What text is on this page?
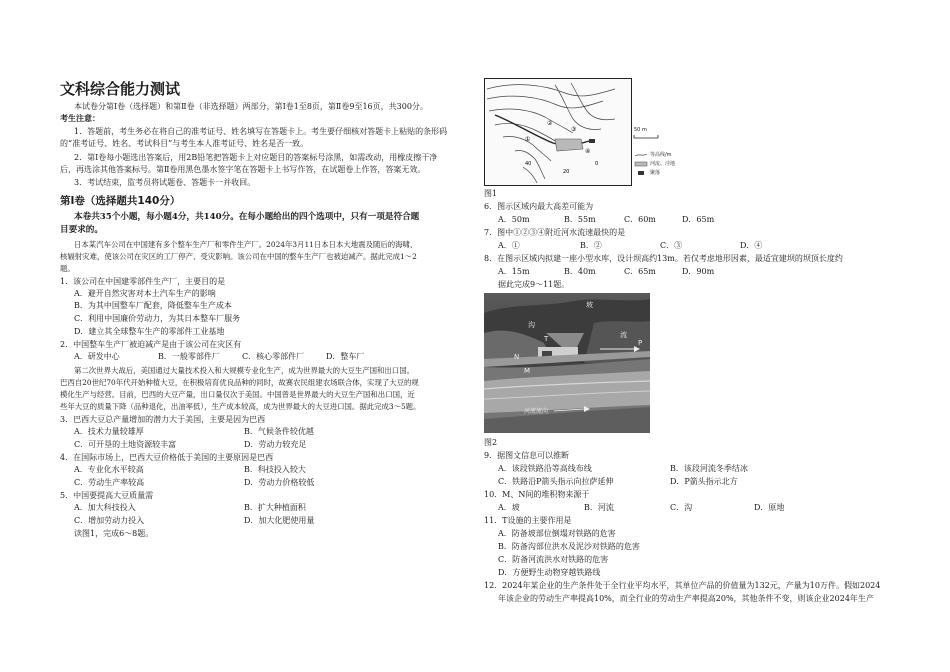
文科综合能力测试
本试卷分第Ⅰ卷（选择题）和第Ⅱ卷（非选择题）两部分，第Ⅰ卷1至8页，第Ⅱ卷9至16页，共300分。
考生注意：
1．答题前，考生务必在将自己的准考证号、姓名填写在答题卡上。考生要仔细核对答题卡上粘贴的条形码
的“准考证号、姓名、考试科目”与考生本人准考证号、姓名是否一致。
2．第Ⅰ卷每小题选出答案后，用2B铅笔把答题卡上对应题目的答案标号涂黑，如需改动，用橡皮擦干净
后，再选涂其他答案标号。第Ⅱ卷用黑色墨水签字笔在答题卡上书写作答，在试题卷上作答，答案无效。
3．考试结束，监考员将试题卷、答题卡一并收回。
第Ⅰ卷（选择题共140分）
本卷共35个小题，每小题4分，共140分。在每小题给出的四个选项中，只有一项是符合题
目要求的。
日本某汽车公司在中国建有多个整车生产厂和零件生产厂。2024年3月11日本日本大地震及随后的海啸、
核辐射灾难，使该公司在灾区的工厂停产、受灾影响。该公司在中国的整车生产厂也被迫减产。据此完成1～2
题。
1．该公司在中国建零部件生产厂，主要目的是
A．避开自然灾害对本土汽车生产的影响
B．为其中国整车厂配套，降低整车生产成本
C．利用中国廉价劳动力，为其日本整车厂服务
D．建立其全球整车生产的零部件工业基地
2．中国整车生产厂被迫减产是由于该公司在灾区有
A．研发中心	B．一般零部件厂	C．核心零部件厂	D．整车厂
第二次世界大战后，美国通过大量技术投入和大规模专业化生产，成为世界最大的大豆生产国和出口国。
巴西自20世纪70年代开始种植大豆，在积极培育优良品种的同时，故赛农民组建农场联合体，实现了大豆的规
模化生产与经营。目前，巴西的大豆产量，出口量仅次于美国。中国曾是世界最大的大豆生产国和出口国，近
些年大豆的质量下降（品种退化，出油率低），生产成本较高，成为世界最大的大豆进口国。据此完成3～5题。
3．巴西大豆总产量增加的潜力大于美国，主要是因为巴西
A．技术力量较雄厚	B．气候条件较优越
C．可开垦的土地资源较丰富	D．劳动力较充足
4．在国际市场上，巴西大豆价格低于美国的主要原因是巴西
A．专业化水平较高	B．科技投入较大
C．劳动生产率较高	D．劳动力价格较低
5．中国要提高大豆质量需
A．加大科技投入	B．扩大种植面积
C．增加劳动力投入	D．加大化肥使用量
读图1，完成6～8题。
①
②
③
④
40
20
0
50 m
等高线/m
河流、洼地
聚落
图1
6．图示区域内最大高差可能为
A．50m	B．55m	C．60m	D．65m
7．图中①②③④附近河水流速最快的是
A．①	B．②	C．③	D．④
8．在图示区域内拟建一座小型水库，设计坝高约13m。若仅考虑地形因素，最适宜建坝的坝顶长度约
A．15m	B．40m	C．65m	D．90m
据此完成9～11题。
坡
沟
流
T
M
N
P
河流流向
图2
9．据图文信息可以推断
A．该段铁路沿等高线布线	B．该段河流冬季结冰
C．铁路沿P箭头指示向拉萨延伸	D．P箭头指示北方
10．M、N间的堆积物来源于
A．坡	B．河流	C．沟	D．原地
11．T设施的主要作用是
A．防备坡部位倒塌对铁路的危害
B．防备沟部位洪水及泥沙对铁路的危害
C．防备河流洪水对铁路的危害
D．方便野生动物穿越铁路线
12．2024年某企业的生产条件处于全行业平均水平，其单位产品的价值量为132元，产量为10万件。假如2024
年该企业的劳动生产率提高10%，而全行业的劳动生产率提高20%，其他条件不变，则该企业2024年生产
